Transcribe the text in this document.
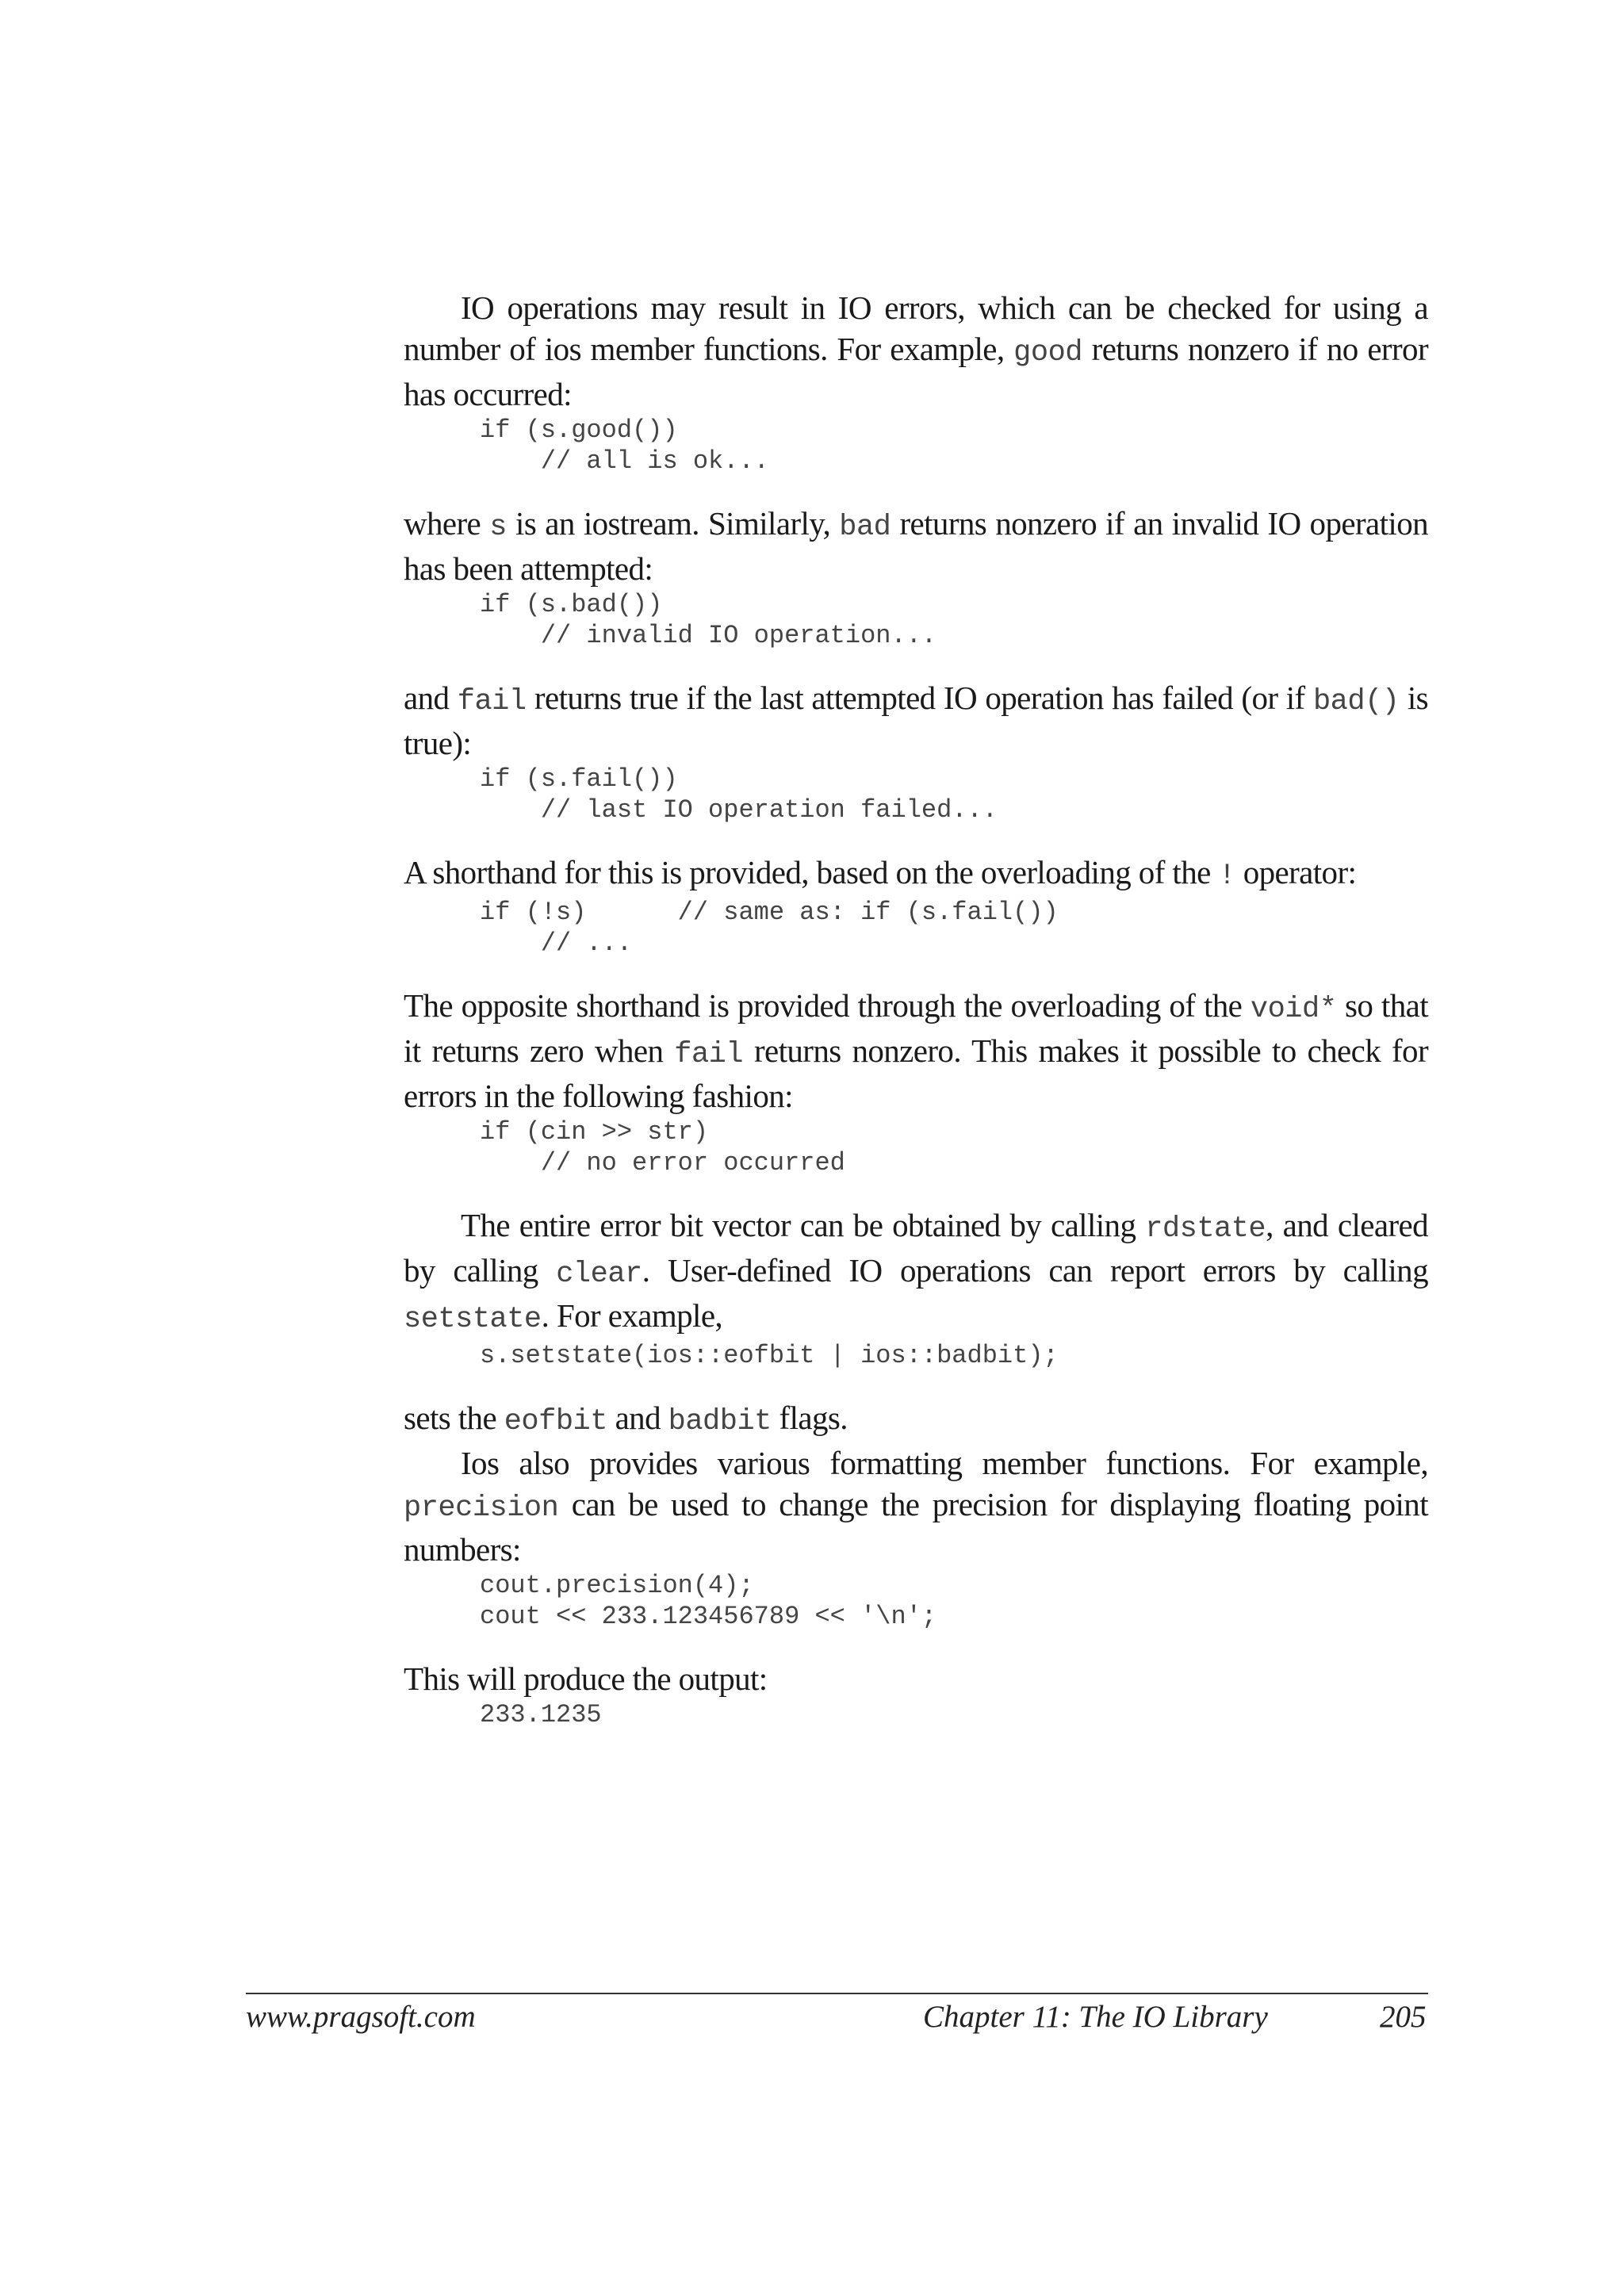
IO operations may result in IO errors, which can be checked for using a number of ios member functions. For example, good returns nonzero if no error has occurred:

if (s.good())
// all is ok...

where s is an iostream. Similarly, bad returns nonzero if an invalid IO operation has been attempted:

if (s.bad())
// invalid IO operation...

and fail returns true if the last attempted IO operation has failed (or if bad() is true):

if (s.fail())
// last IO operation failed...

A shorthand for this is provided, based on the overloading of the ! operator:

if (!s)      // same as: if (s.fail())
// ...

The opposite shorthand is provided through the overloading of the void* so that it returns zero when fail returns nonzero. This makes it possible to check for errors in the following fashion:

if (cin >> str)
// no error occurred

The entire error bit vector can be obtained by calling rdstate, and cleared by calling clear. User-defined IO operations can report errors by calling setstate. For example,

s.setstate(ios::eofbit | ios::badbit);

sets the eofbit and badbit flags.

Ios also provides various formatting member functions. For example, precision can be used to change the precision for displaying floating point numbers:

cout.precision(4);
cout << 233.123456789 << '\n';

This will produce the output:

233.1235

www.pragsoft.com	Chapter 11: The IO Library	205
